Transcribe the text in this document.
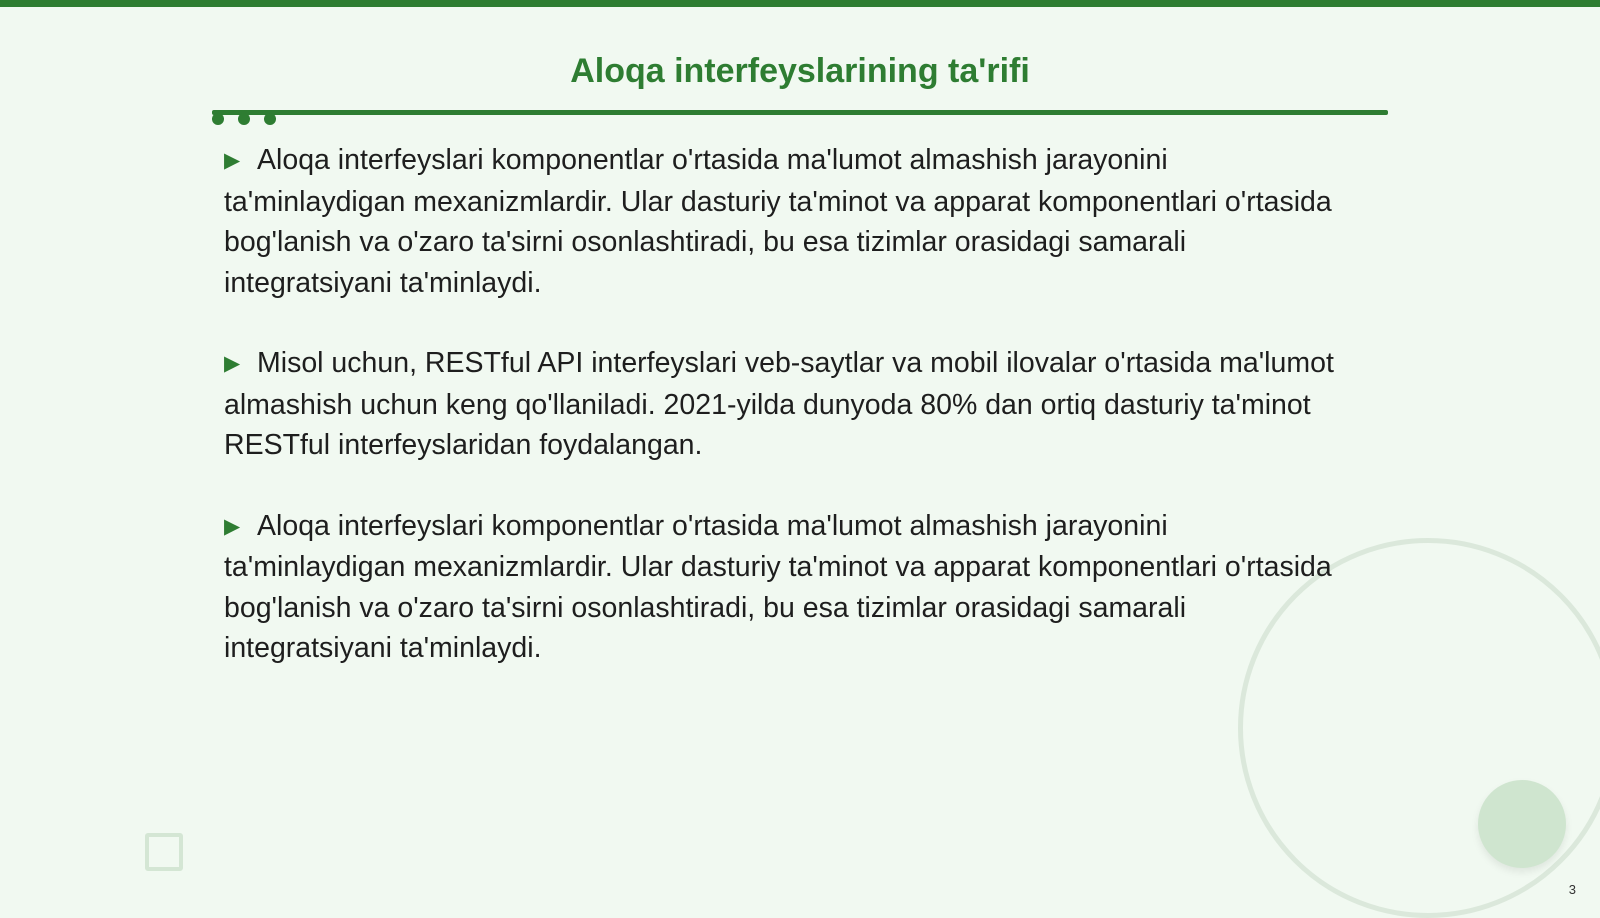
Aloqa interfeyslarining ta'rifi

▶ Aloqa interfeyslari komponentlar o'rtasida ma'lumot almashish jarayonini ta'minlaydigan mexanizmlardir. Ular dasturiy ta'minot va apparat komponentlari o'rtasida bog'lanish va o'zaro ta'sirni osonlashtiradi, bu esa tizimlar orasidagi samarali integratsiyani ta'minlaydi.

▶ Misol uchun, RESTful API interfeyslari veb-saytlar va mobil ilovalar o'rtasida ma'lumot almashish uchun keng qo'llaniladi. 2021-yilda dunyoda 80% dan ortiq dasturiy ta'minot RESTful interfeyslaridan foydalangan.

▶ Aloqa interfeyslari komponentlar o'rtasida ma'lumot almashish jarayonini ta'minlaydigan mexanizmlardir. Ular dasturiy ta'minot va apparat komponentlari o'rtasida bog'lanish va o'zaro ta'sirni osonlashtiradi, bu esa tizimlar orasidagi samarali integratsiyani ta'minlaydi.

3
